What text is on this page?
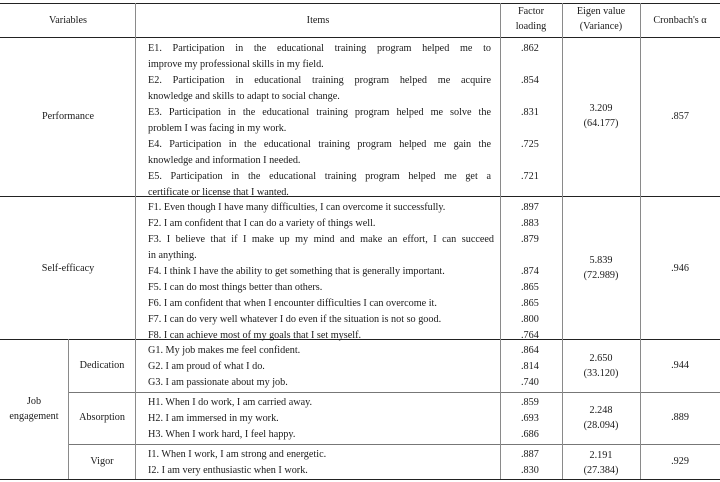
Variables	Items
Factor
loading
Eigen value
(Variance)	Cronbach's α
Performance
E1. Participation in the educational training program helped me to
improve my professional skills in my field.
E2. Participation in educational training program helped me acquire
knowledge and skills to adapt to social change.
E3. Participation in the educational training program helped me solve the
problem I was facing in my work.
E4. Participation in the educational training program helped me gain the
knowledge and information I needed.
E5. Participation in the educational training program helped me get a
certificate or license that I wanted.
.862
.854
.831
.725
.721
3.209
(64.177)
.857
Self-efficacy
F1. Even though I have many difficulties, I can overcome it successfully.
F2. I am confident that I can do a variety of things well.
F3. I believe that if I make up my mind and make an effort, I can succeed
in anything.
F4. I think I have the ability to get something that is generally important.
F5. I can do most things better than others.
F6. I am confident that when I encounter difficulties I can overcome it.
F7. I can do very well whatever I do even if the situation is not so good.
F8. I can achieve most of my goals that I set myself.
.897
.883
.879
.874
.865
.865
.800
.764
5.839
(72.989)
.946
Job
engagement
Dedication
G1. My job makes me feel confident.
G2. I am proud of what I do.
G3. I am passionate about my job.
.864
.814
.740
2.650
(33.120)
.944
Absorption
H1. When I do work, I am carried away.
H2. I am immersed in my work.
H3. When I work hard, I feel happy.
.859
.693
.686
2.248
(28.094)
.889
Vigor
I1. When I work, I am strong and energetic.
I2. I am very enthusiastic when I work.
.887
.830
2.191
(27.384)
.929
